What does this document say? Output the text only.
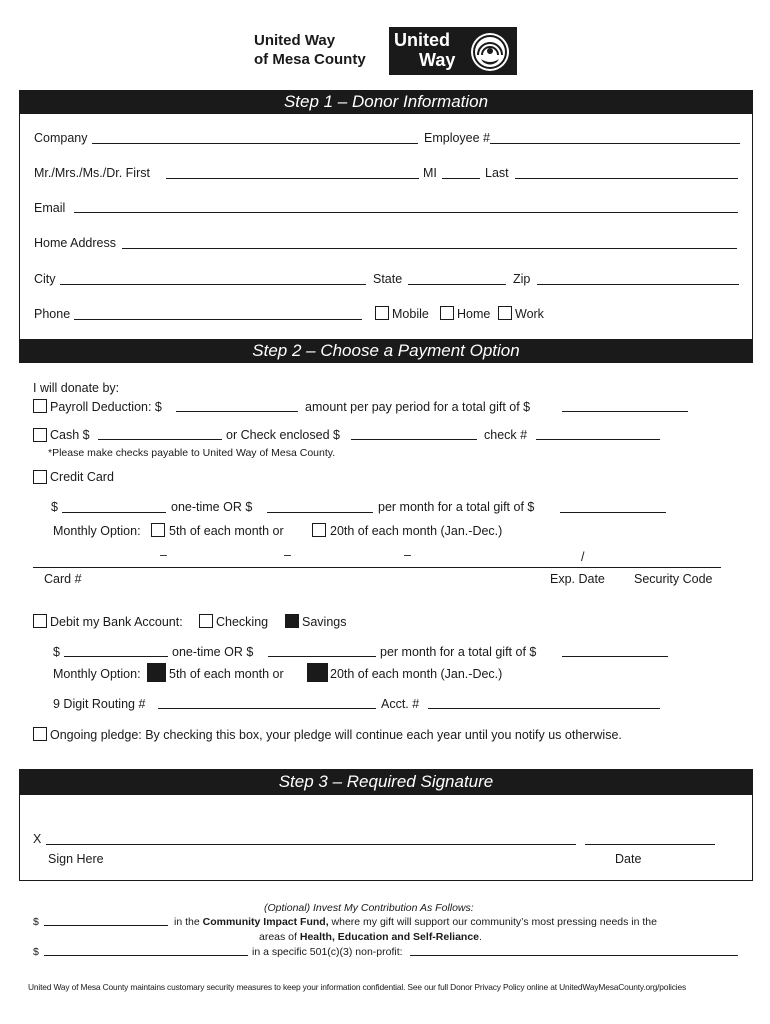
United Way
of Mesa County
United
Way
Step 1 – Donor Information
Company	Employee #
Mr./Mrs./Ms./Dr. First	MI	Last
Email
Home Address
City	State	Zip
Phone	Mobile Home Work
Step 2 – Choose a Payment Option
I will donate by:
Payroll Deduction: $	amount per pay period for a total gift of $
Cash $	or Check enclosed $	check #
*Please make checks payable to United Way of Mesa County.
Credit Card
$	one-time OR $	per month for a total gift of $
Monthly Option: 5th of each month or	20th of each month (Jan.-Dec.)
–	–	–	/
Card #	Exp. Date Security Code
Debit my Bank Account:	Checking	Savings
$	one-time OR $	per month for a total gift of $
Monthly Option: 5th of each month or	20th of each month (Jan.-Dec.)
9 Digit Routing #	Acct. #
Ongoing pledge: By checking this box, your pledge will continue each year until you notify us otherwise.
Step 3 – Required Signature
X
Sign Here	Date
(Optional) Invest My Contribution As Follows:
$	in the Community Impact Fund, where my gift will support our community’s most pressing needs in the
areas of Health, Education and Self-Reliance.
$	in a specific 501(c)(3) non-profit:
United Way of Mesa County maintains customary security measures to keep your information confidential. See our full Donor Privacy Policy online at UnitedWayMesaCounty.org/policies
